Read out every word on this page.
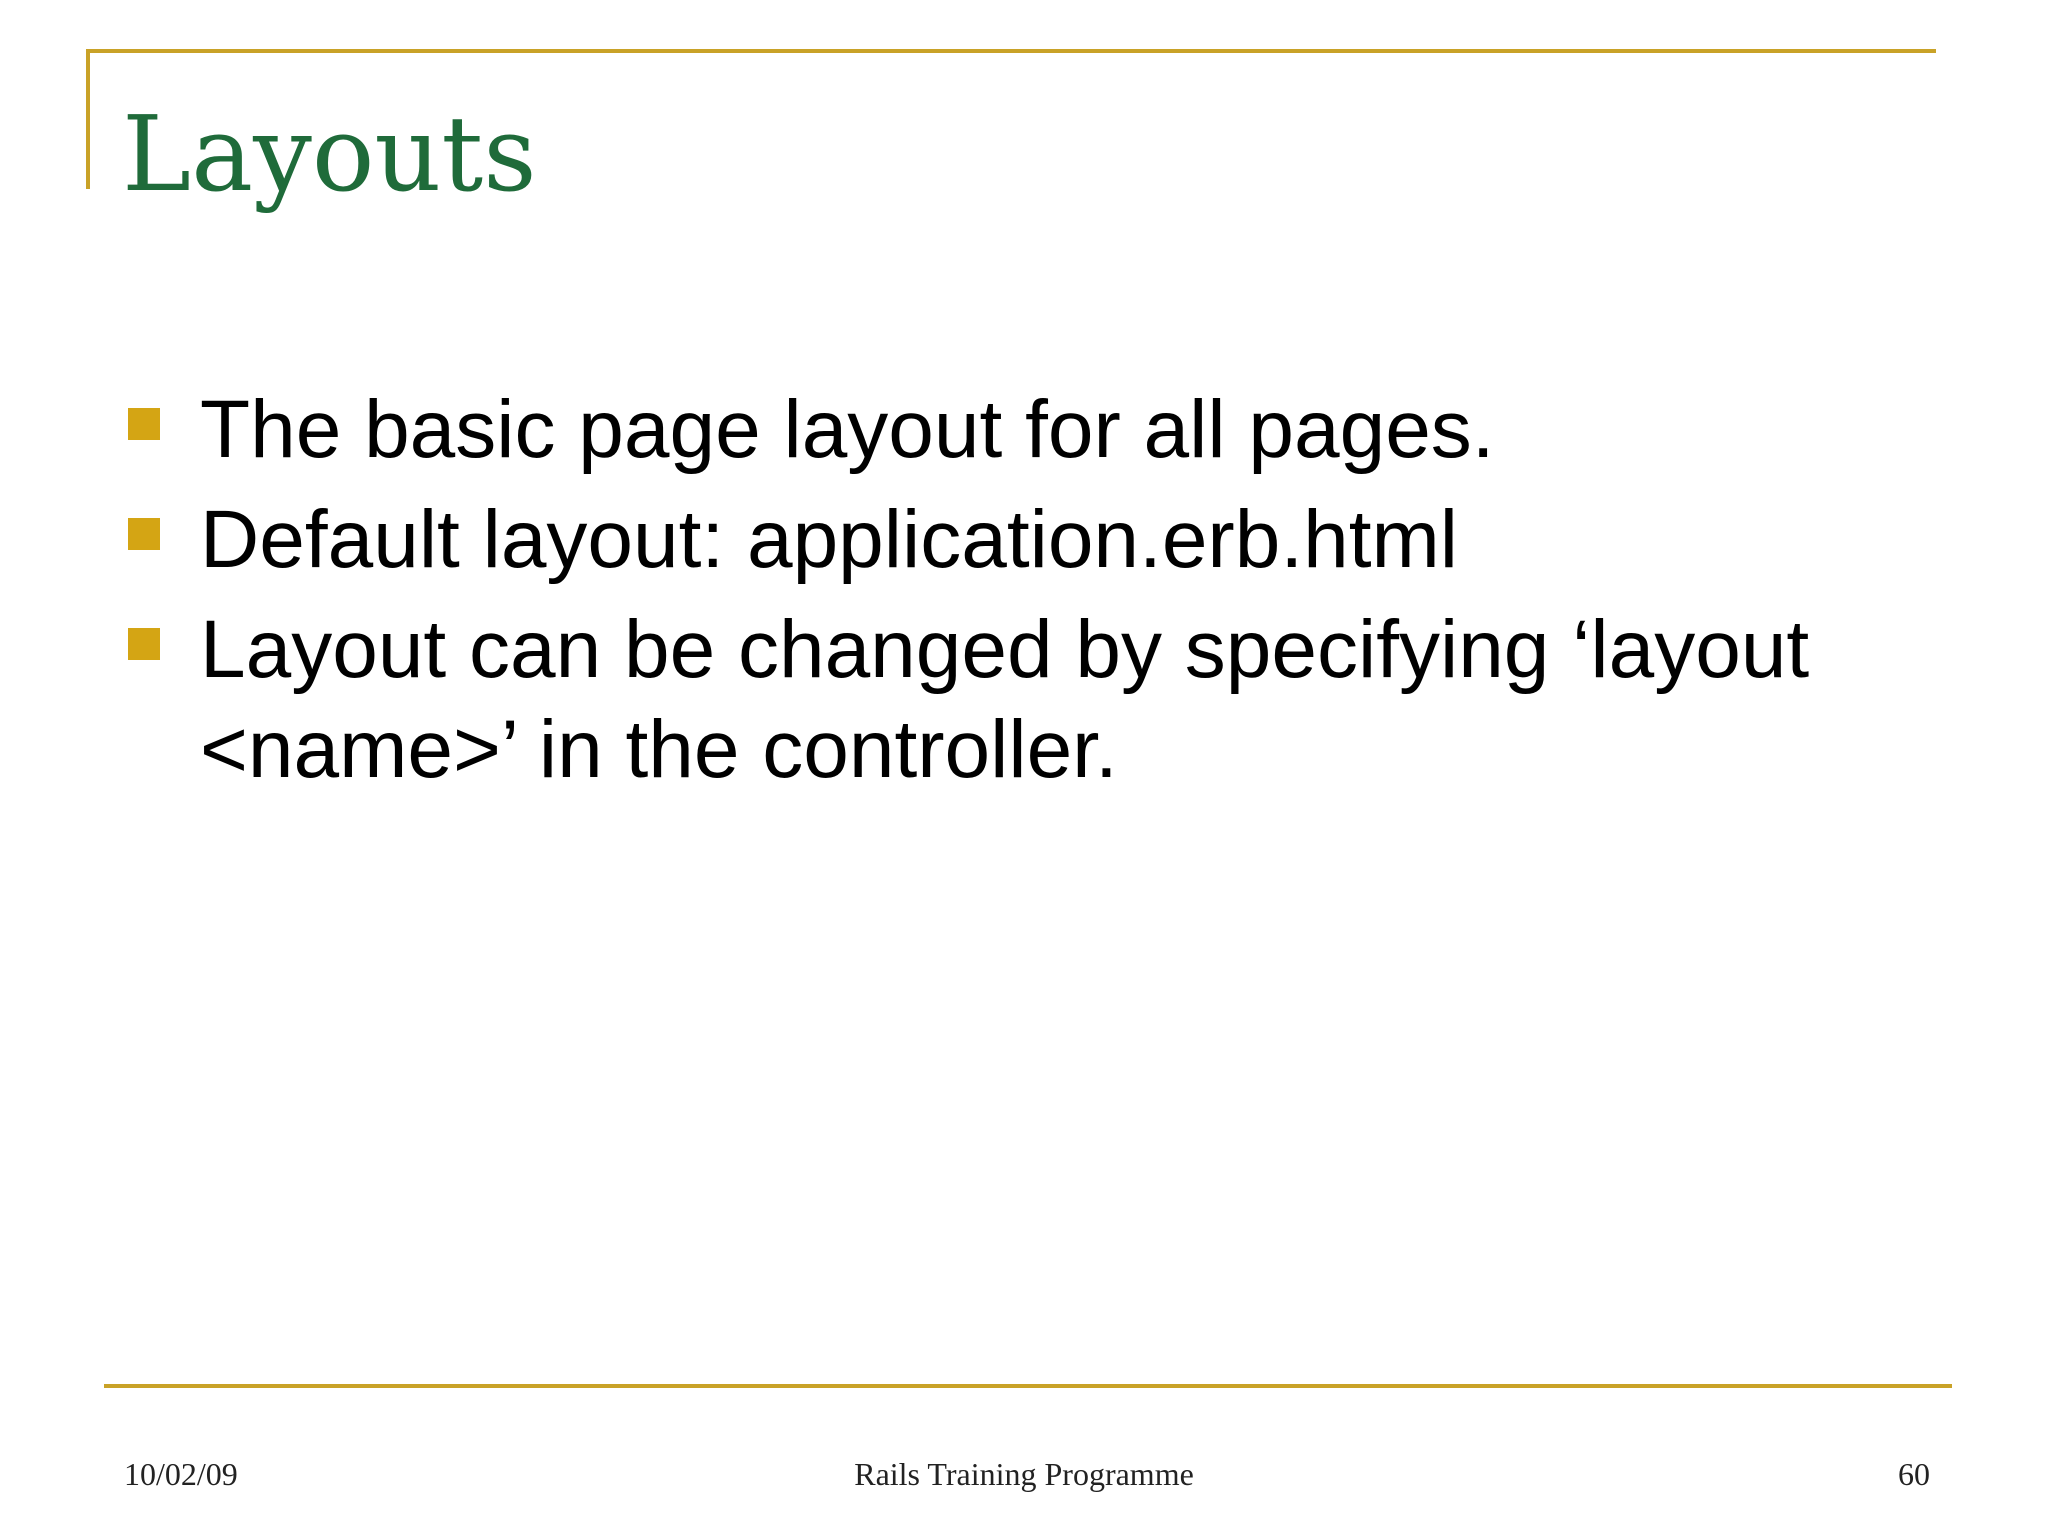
Layouts
The basic page layout for all pages.
Default layout: application.erb.html
Layout can be changed by specifying ‘layout <name>’ in the controller.
10/02/09	Rails Training Programme	60
